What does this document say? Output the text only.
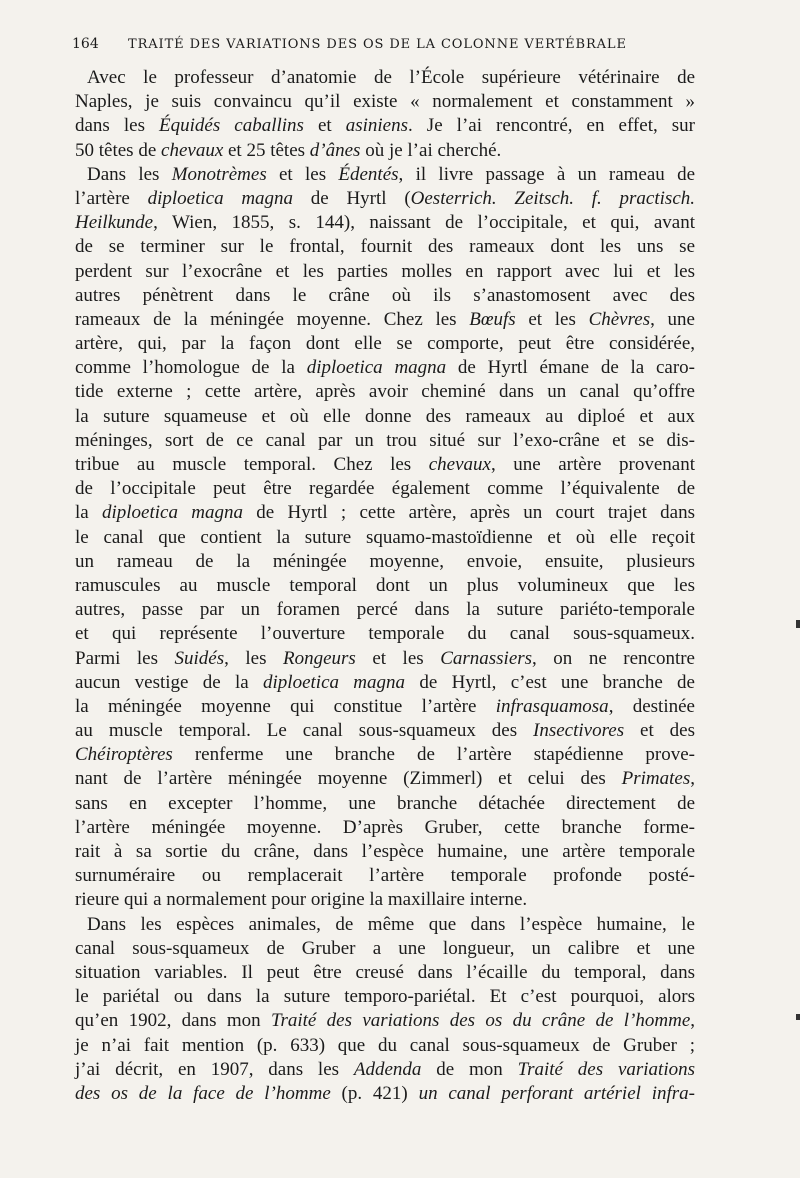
164 TRAITÉ DES VARIATIONS DES OS DE LA COLONNE VERTÉBRALE
Avec le professeur d’anatomie de l’École supérieure vétérinaire de
Naples, je suis convaincu qu’il existe « normalement et constamment »
dans les Équidés caballins et asiniens. Je l’ai rencontré, en effet, sur
50 têtes de chevaux et 25 têtes d’ânes où je l’ai cherché.
Dans les Monotrèmes et les Édentés, il livre passage à un rameau de
l’artère diploetica magna de Hyrtl (Oesterrich. Zeitsch. f. practisch.
Heilkunde, Wien, 1855, s. 144), naissant de l’occipitale, et qui, avant
de se terminer sur le frontal, fournit des rameaux dont les uns se
perdent sur l’exocrâne et les parties molles en rapport avec lui et les
autres pénètrent dans le crâne où ils s’anastomosent avec des
rameaux de la méningée moyenne. Chez les Bœufs et les Chèvres, une
artère, qui, par la façon dont elle se comporte, peut être considérée,
comme l’homologue de la diploetica magna de Hyrtl émane de la caro-
tide externe ; cette artère, après avoir cheminé dans un canal qu’offre
la suture squameuse et où elle donne des rameaux au diploé et aux
méninges, sort de ce canal par un trou situé sur l’exo-crâne et se dis-
tribue au muscle temporal. Chez les chevaux, une artère provenant
de l’occipitale peut être regardée également comme l’équivalente de
la diploetica magna de Hyrtl ; cette artère, après un court trajet dans
le canal que contient la suture squamo-mastoïdienne et où elle reçoit
un rameau de la méningée moyenne, envoie, ensuite, plusieurs
ramuscules au muscle temporal dont un plus volumineux que les
autres, passe par un foramen percé dans la suture pariéto-temporale
et qui représente l’ouverture temporale du canal sous-squameux.
Parmi les Suidés, les Rongeurs et les Carnassiers, on ne rencontre
aucun vestige de la diploetica magna de Hyrtl, c’est une branche de
la méningée moyenne qui constitue l’artère infrasquamosa, destinée
au muscle temporal. Le canal sous-squameux des Insectivores et des
Chéiroptères renferme une branche de l’artère stapédienne prove-
nant de l’artère méningée moyenne (Zimmerl) et celui des Primates,
sans en excepter l’homme, une branche détachée directement de
l’artère méningée moyenne. D’après Gruber, cette branche forme-
rait à sa sortie du crâne, dans l’espèce humaine, une artère temporale
surnuméraire ou remplacerait l’artère temporale profonde posté-
rieure qui a normalement pour origine la maxillaire interne.
Dans les espèces animales, de même que dans l’espèce humaine, le
canal sous-squameux de Gruber a une longueur, un calibre et une
situation variables. Il peut être creusé dans l’écaille du temporal, dans
le pariétal ou dans la suture temporo-pariétal. Et c’est pourquoi, alors
qu’en 1902, dans mon Traité des variations des os du crâne de l’homme,
je n’ai fait mention (p. 633) que du canal sous-squameux de Gruber ;
j’ai décrit, en 1907, dans les Addenda de mon Traité des variations
des os de la face de l’homme (p. 421) un canal perforant artériel infra-
